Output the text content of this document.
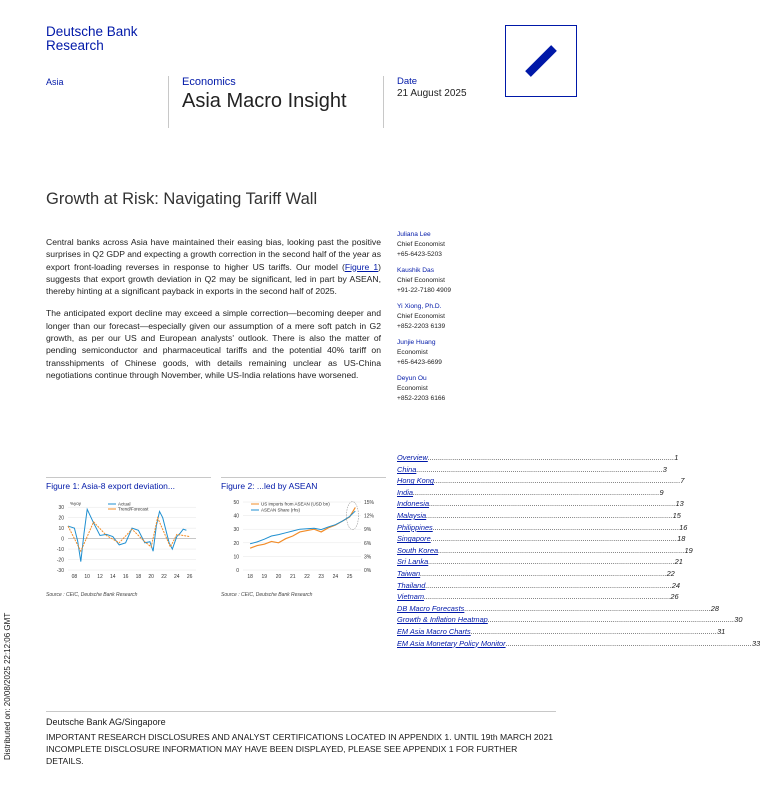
Deutsche Bank
Research
Asia	Economics
Asia Macro Insight
Date
21 August 2025
Growth at Risk: Navigating Tariff Wall

Central banks across Asia have maintained their easing bias, looking past the positive surprises in Q2 GDP and expecting a growth correction in the second half of the year as export front-loading reverses in response to higher US tariffs. Our model (Figure 1) suggests that export growth deviation in Q2 may be significant, led in part by ASEAN, thereby hinting at a significant payback in exports in the second half of 2025.

The anticipated export decline may exceed a simple correction—becoming deeper and longer than our forecast—especially given our assumption of a mere soft patch in G2 growth, as per our US and European analysts' outlook. There is also the matter of pending semiconductor and pharmaceutical tariffs and the potential 40% tariff on transshipments of Chinese goods, with details remaining unclear as US-China negotiations continue through November, while US-India relations have worsened.

Juliana Lee
Chief Economist
+65-6423-5203
Kaushik Das
Chief Economist
+91-22-7180 4909
Yi Xiong, Ph.D.
Chief Economist
+852-2203 6139
Junjie Huang
Economist
+65-6423-6699
Deyun Ou
Economist
+852-2203 6166
Figure 1: Asia-8 export deviation...
30
20
10
0
-10
-20
-30
08 10 12 14 16 18 20 22 24 26
%yoy	Actual
Trend/Forecast
Source : CEIC, Deutsche Bank Research
Figure 2: ...led by ASEAN
50
40
30
20
10
0
15%
12%
9%
6%
3%
0%
18 19 20 21 22 23 24 25
US imports from ASEAN (USD bn)
ASEAN Share (rhs)
Source : CEIC, Deutsche Bank Research
Overview ........................................................................................................................ 1
China ........................................................................................................................ 3
Hong Kong ........................................................................................................................ 7
India ........................................................................................................................ 9
Indonesia ........................................................................................................................ 13
Malaysia ........................................................................................................................ 15
Philippines ........................................................................................................................ 16
Singapore ........................................................................................................................ 18
South Korea ........................................................................................................................ 19
Sri Lanka ........................................................................................................................ 21
Taiwan ........................................................................................................................ 22
Thailand ........................................................................................................................ 24
Vietnam ........................................................................................................................ 26
DB Macro Forecasts ........................................................................................................................ 28
Growth & Inflation Heatmap ........................................................................................................................ 30
EM Asia Macro Charts ........................................................................................................................ 31
EM Asia Monetary Policy Monitor ........................................................................................................................ 33
Deutsche Bank AG/Singapore
IMPORTANT RESEARCH DISCLOSURES AND ANALYST CERTIFICATIONS LOCATED IN APPENDIX 1. UNTIL 19th MARCH 2021 INCOMPLETE DISCLOSURE INFORMATION MAY HAVE BEEN DISPLAYED, PLEASE SEE APPENDIX 1 FOR FURTHER DETAILS.
Distributed on: 20/08/2025 22:12:06 GMT
